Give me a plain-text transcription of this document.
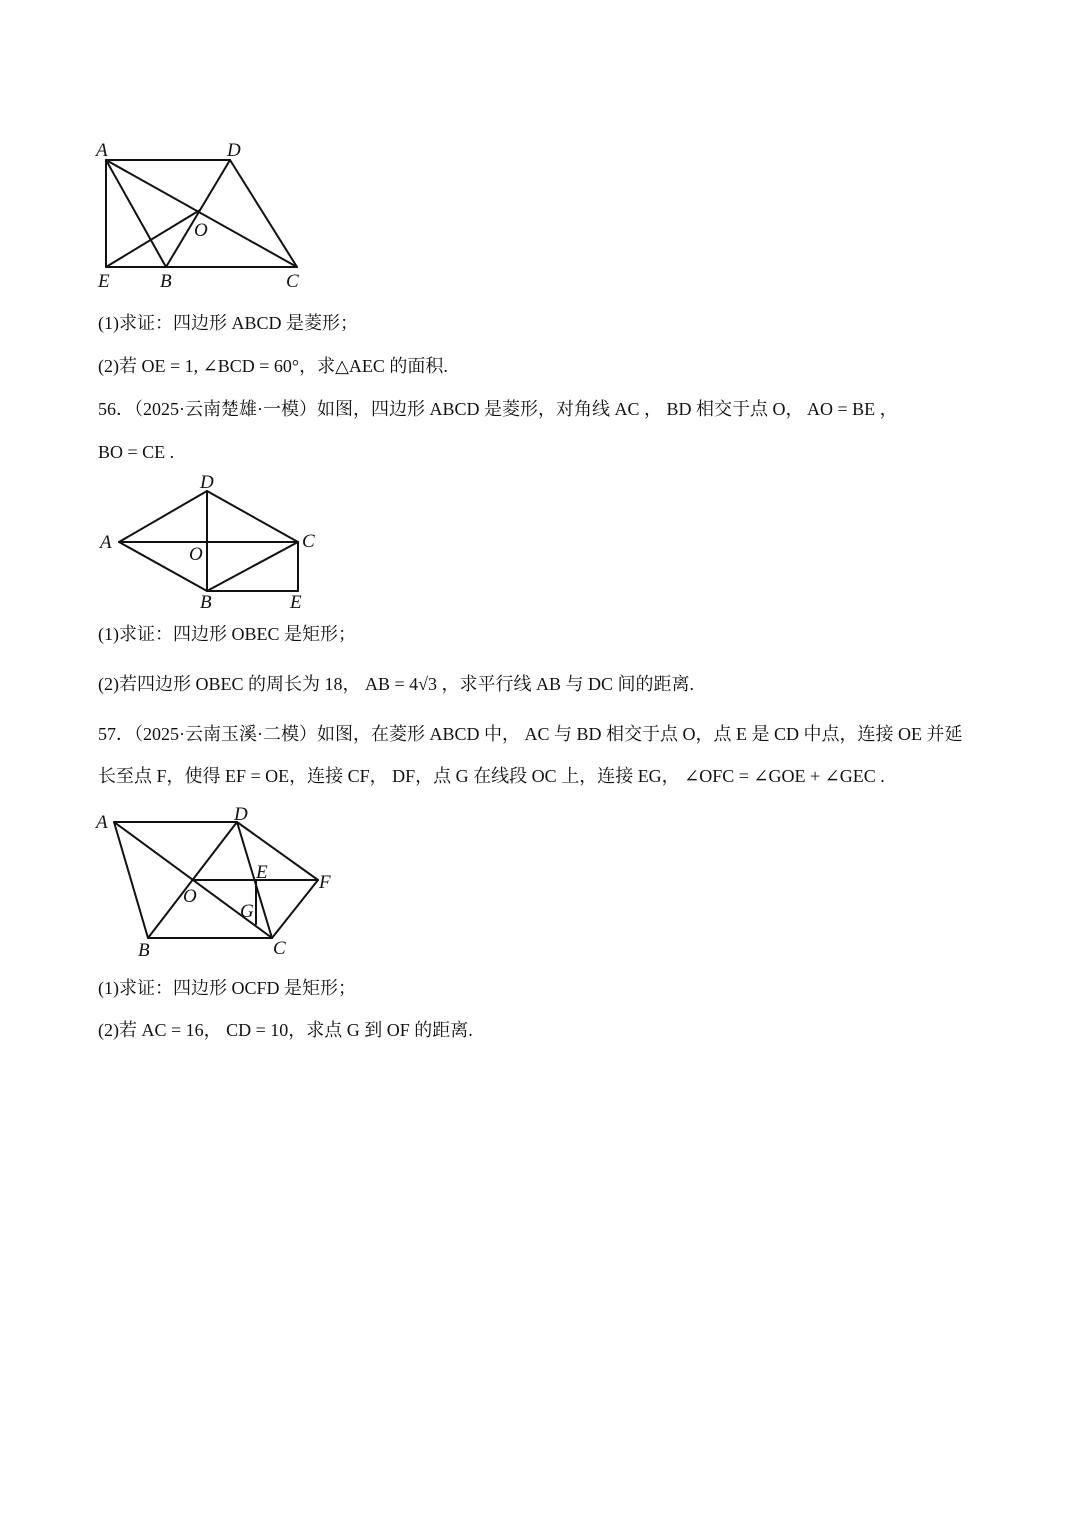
A	D
O
E	B	C
(1)求证：四边形 ABCD 是菱形；
(2)若 OE = 1, ∠BCD = 60°，求△AEC 的面积.
56．（2025·云南楚雄·一模）如图，四边形 ABCD 是菱形，对角线 AC ， BD 相交于点 O， AO = BE ，
BO = CE .
D
A
O
C
B	E
(1)求证：四边形 OBEC 是矩形；
(2)若四边形 OBEC 的周长为 18， AB = 4√3 ，求平行线 AB 与 DC 间的距离.
57．（2025·云南玉溪·二模）如图，在菱形 ABCD 中， AC 与 BD 相交于点 O，点 E 是 CD 中点，连接 OE 并延
长至点 F，使得 EF = OE，连接 CF， DF，点 G 在线段 OC 上，连接 EG， ∠OFC = ∠GOE + ∠GEC .
A	D
E	F
O
G
B	C
(1)求证：四边形 OCFD 是矩形；
(2)若 AC = 16， CD = 10，求点 G 到 OF 的距离.
